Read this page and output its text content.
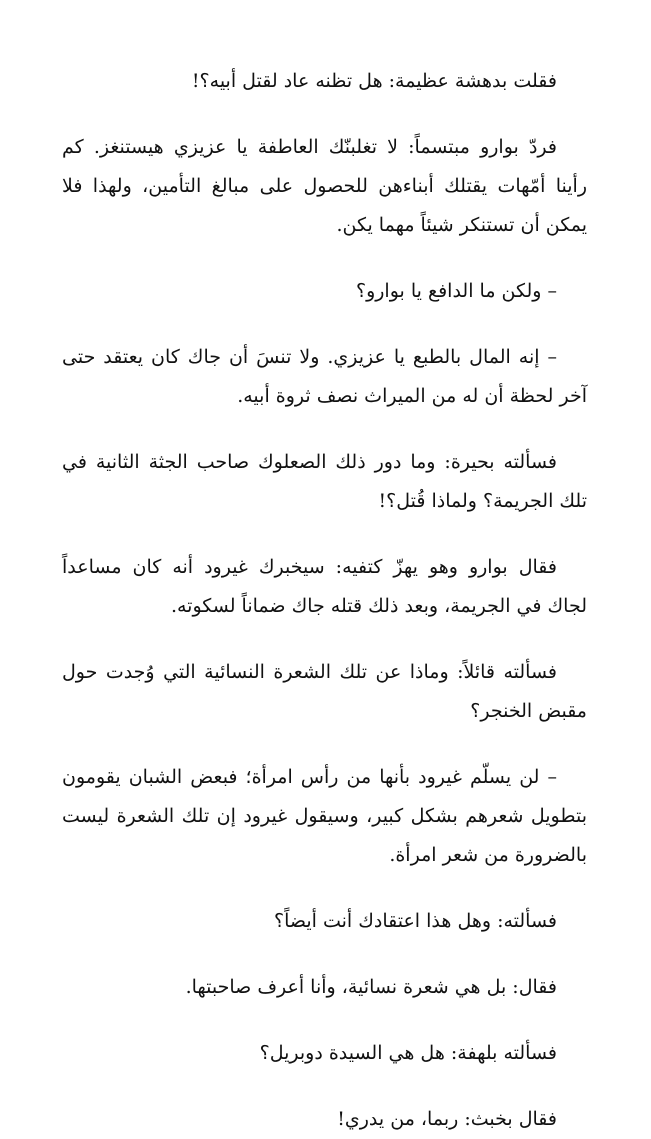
فقلت بدهشة عظيمة: هل تظنه عاد لقتل أبيه؟!

فردّ بوارو مبتسماً: لا تغلبنّك العاطفة يا عزيزي هيستنغز. كم رأينا أمّهات يقتلك أبناءهن للحصول على مبالغ التأمين، ولهذا فلا يمكن أن تستنكر شيئاً مهما يكن.

– ولكن ما الدافع يا بوارو؟

– إنه المال بالطبع يا عزيزي. ولا تنسَ أن جاك كان يعتقد حتى آخر لحظة أن له من الميراث نصف ثروة أبيه.

فسألته بحيرة: وما دور ذلك الصعلوك صاحب الجثة الثانية في تلك الجريمة؟ ولماذا قُتل؟!

فقال بوارو وهو يهزّ كتفيه: سيخبرك غيرود أنه كان مساعداً لجاك في الجريمة، وبعد ذلك قتله جاك ضماناً لسكوته.

فسألته قائلاً: وماذا عن تلك الشعرة النسائية التي وُجدت حول مقبض الخنجر؟

– لن يسلّم غيرود بأنها من رأس امرأة؛ فبعض الشبان يقومون بتطويل شعرهم بشكل كبير، وسيقول غيرود إن تلك الشعرة ليست بالضرورة من شعر امرأة.

فسألته: وهل هذا اعتقادك أنت أيضاً؟

فقال: بل هي شعرة نسائية، وأنا أعرف صاحبتها.

فسألته بلهفة: هل هي السيدة دوبريل؟

فقال بخبث: ربما، من يدري!
